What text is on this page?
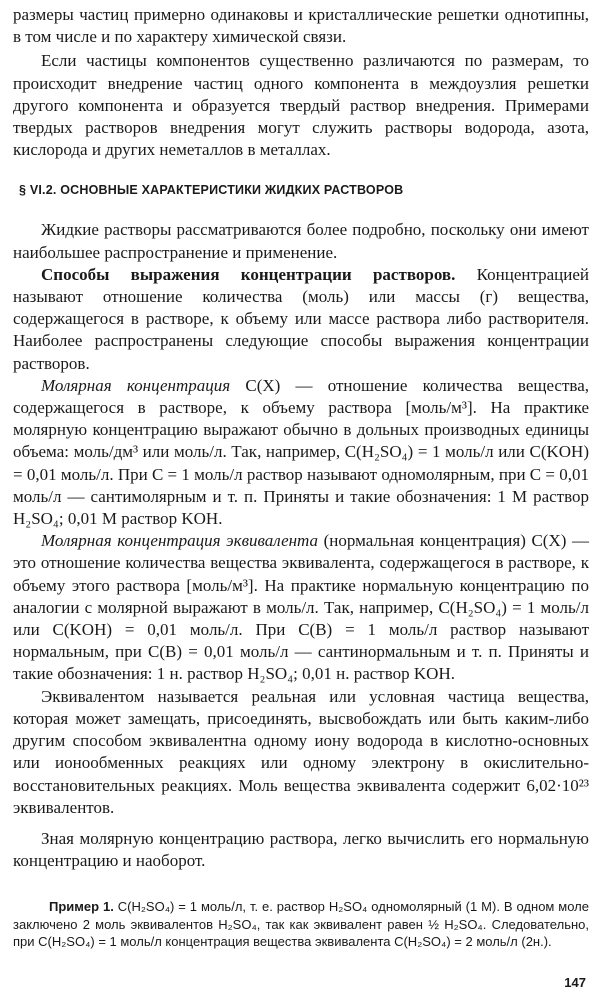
размеры частиц примерно одинаковы и кристаллические решетки однотипны, в том числе и по характеру химической связи.

Если частицы компонентов существенно различаются по размерам, то происходит внедрение частиц одного компонента в междоузлия решетки другого компонента и образуется твердый раствор внедрения. Примерами твердых растворов внедрения могут служить растворы водорода, азота, кислорода и других неметаллов в металлах.

§ VI.2. ОСНОВНЫЕ ХАРАКТЕРИСТИКИ ЖИДКИХ РАСТВОРОВ

Жидкие растворы рассматриваются более подробно, поскольку они имеют наибольшее распространение и применение.

Способы выражения концентрации растворов. Концентрацией называют отношение количества (моль) или массы (г) вещества, содержащегося в растворе, к объему или массе раствора либо растворителя. Наиболее распространены следующие способы выражения концентрации растворов.

Молярная концентрация C(X) — отношение количества вещества, содержащегося в растворе, к объему раствора [моль/м³]. На практике молярную концентрацию выражают обычно в дольных производных единицы объема: моль/дм³ или моль/л. Так, например, C(H₂SO₄) = 1 моль/л или C(KOH) = 0,01 моль/л. При C = 1 моль/л раствор называют одномолярным, при C = 0,01 моль/л — сантимолярным и т. п. Приняты и такие обозначения: 1 М раствор H₂SO₄; 0,01 М раствор KOH.

Молярная концентрация эквивалента (нормальная концентрация) C(X) — это отношение количества вещества эквивалента, содержащегося в растворе, к объему этого раствора [моль/м³]. На практике нормальную концентрацию по аналогии с молярной выражают в моль/л. Так, например, C(H₂SO₄) = 1 моль/л или C(KOH) = 0,01 моль/л. При C(B) = 1 моль/л раствор называют нормальным, при C(B) = 0,01 моль/л — сантинормальным и т. п. Приняты и такие обозначения: 1 н. раствор H₂SO₄; 0,01 н. раствор KOH.

Эквивалентом называется реальная или условная частица вещества, которая может замещать, присоединять, высвобождать или быть каким-либо другим способом эквивалентна одному иону водорода в кислотно-основных или ионообменных реакциях или одному электрону в окислительно-восстановительных реакциях. Моль вещества эквивалента содержит 6,02·10²³ эквивалентов.

Зная молярную концентрацию раствора, легко вычислить его нормальную концентрацию и наоборот.

Пример 1. C(H₂SO₄) = 1 моль/л, т. е. раствор H₂SO₄ одномолярный (1 М). В одном моле заключено 2 моль эквивалентов H₂SO₄, так как эквивалент равен ½ H₂SO₄. Следовательно, при C(H₂SO₄) = 1 моль/л концентрация вещества эквивалента C(H₂SO₄) = 2 моль/л (2н.).
147
